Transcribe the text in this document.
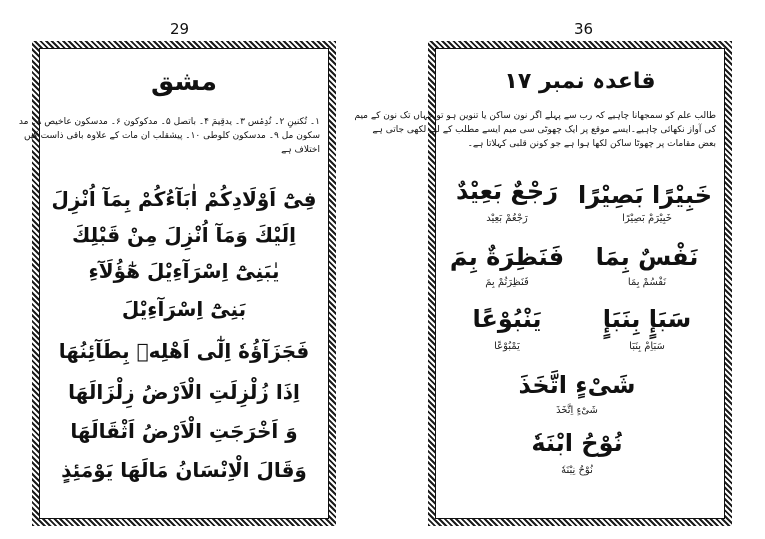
29	36
مشق
۱۔ تُکنینِ ۲۔ تُدِمٔس ۳۔ یدقِیمَ ۴۔ باتصل ۵۔ مدکوکون ۶۔ مدسکون عاخیص ۸۔ مد
سکون مل ۹۔ مدسکون کلوطی ۱۰۔ پیشقلب ان مات کے علاوہ باقی ذاست کیں
اختلاف ہے
فِیْٓ اَوْلَادِکُمْ اٰبَآءُکُمْ بِمَآ اُنْزِلَ
اِلَیْكَ وَمَآ اُنْزِلَ مِنْ قَبْلِكَ
یٰبَنِیْٓ اِسْرَآءِیْلَ هٰٓؤُلَآءِ
بَنِیْٓ اِسْرَآءِیْلَ
فَجَزَآؤُهٗ اِلٰٓی اَهْلِهٖ بِطَآئِنُهَا
اِذَا زُلْزِلَتِ الْاَرْضُ زِلْزَالَهَا
وَ اَخْرَجَتِ الْاَرْضُ اَثْقَالَهَا
وَقَالَ الْاِنْسَانُ مَالَهَا یَوْمَئِذٍ
قاعدہ نمبر ۱۷
طالب علم کو سمجھانا چاہیے کہ رب سے پہلے اگر نون ساکن یا تنوین ہو تو جہاں تک نون کے میم
کی آواز نکھائی چاہیے۔ایسے موقع پر ایک چھوٹی سی میم ایسے مطلب کے لیے لکھی جاتی ہے
بعض مقامات پر چھوٹا ساکن لکھا ہوا ہے جو کونن قلبی کہلاتا ہے۔
خَبِیْرًا بَصِیْرًا
خَبِیْرَمْ بَصِیْرًا
رَجْعٌ بَعِیْدٌ
رَجْعُمْ بَعِیْد
نَفْسٌ بِمَا
نَفْسُمْ بِمَا
فَنَظِرَةٌ بِمَ
فَنَظِرَتُمْ بِمَ
سَبَإٍ بِنَبَإٍ
سَبَاِمْ بِنَبَا
یَنْبُوْعًا
یَمْبُوْعًا
شَیْءٍ اتَّخَذَ
شَیْءٍ اِتَّخَذَ
نُوْحُ ابْنَهٗ
نُوْحُ نِبْنَهٗ
